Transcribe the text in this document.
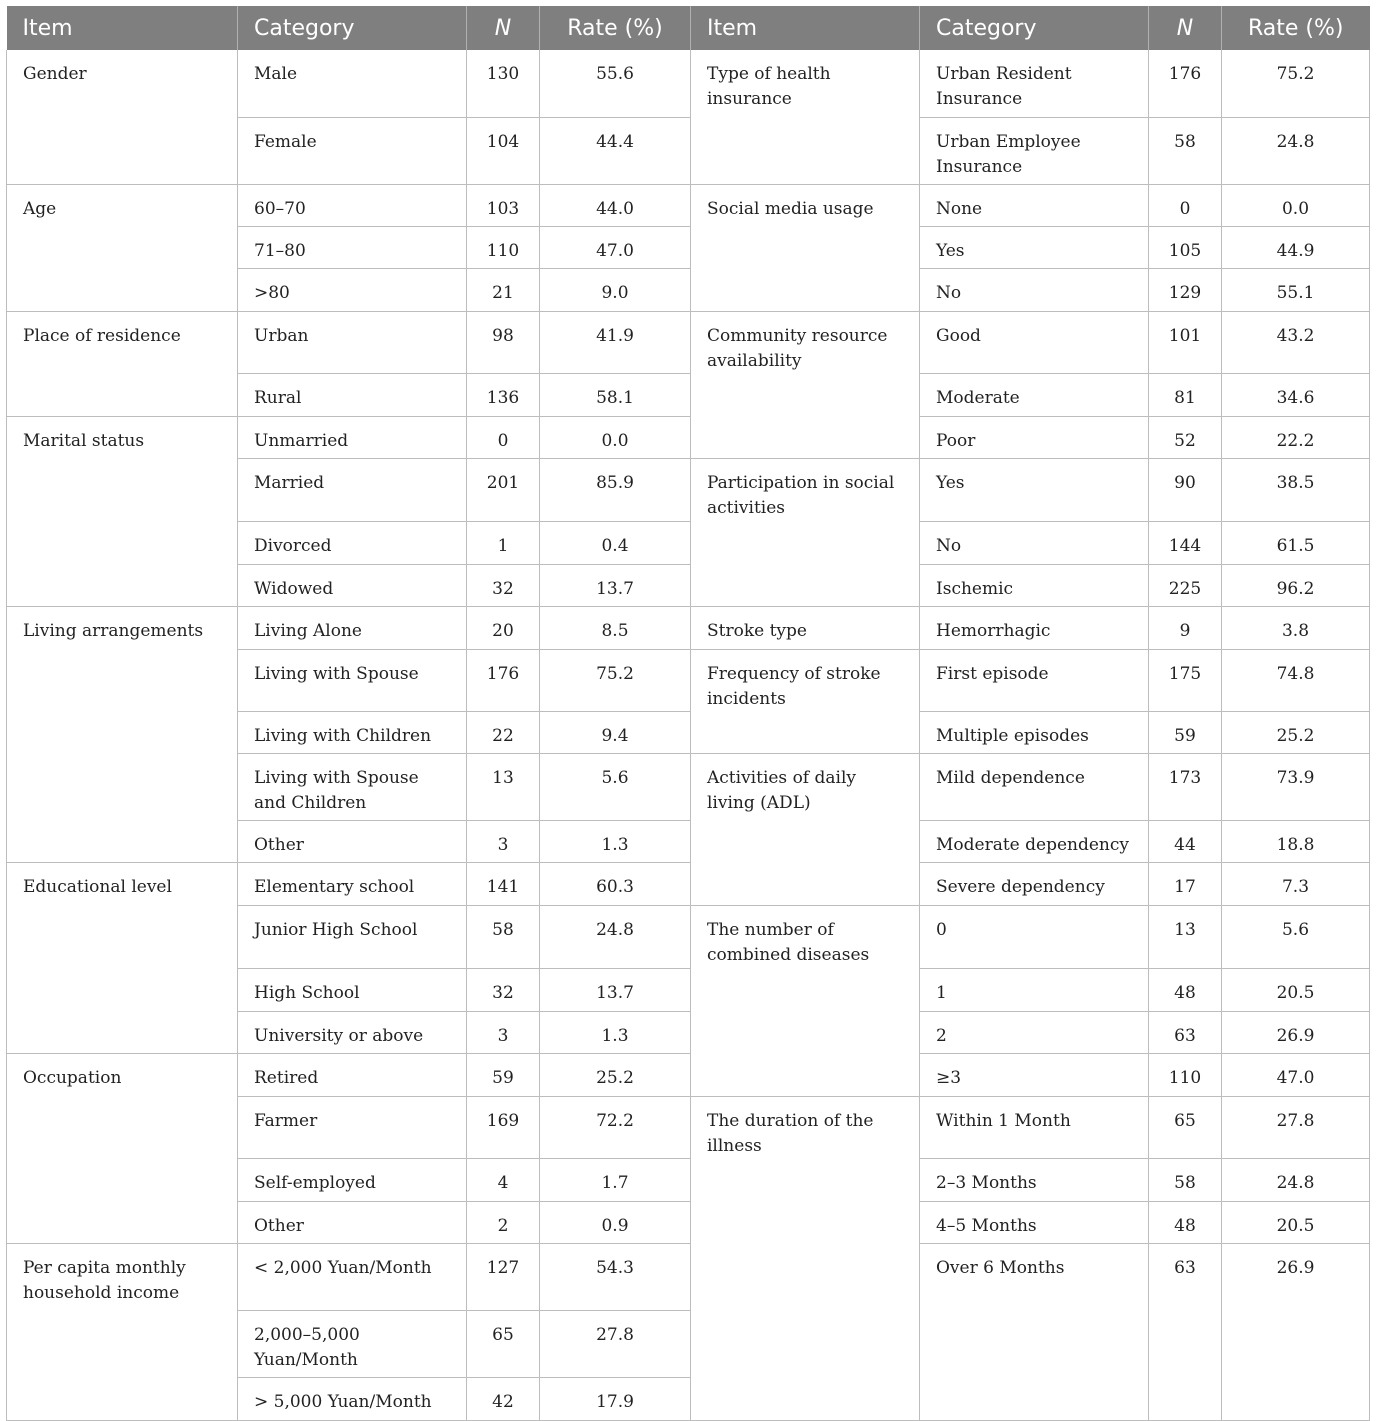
Item	Category	N	Rate (%)	Item	Category	N	Rate (%)
Gender	Male	130	55.6	Type of health insurance	Urban Resident Insurance	176	75.2
	Female	104	44.4		Urban Employee Insurance	58	24.8
Age	60–70	103	44.0	Social media usage	None	0	0.0
	71–80	110	47.0		Yes	105	44.9
	>80	21	9.0		No	129	55.1
Place of residence	Urban	98	41.9	Community resource availability	Good	101	43.2
	Rural	136	58.1		Moderate	81	34.6
Marital status	Unmarried	0	0.0		Poor	52	22.2
	Married	201	85.9	Participation in social activities	Yes	90	38.5
	Divorced	1	0.4		No	144	61.5
	Widowed	32	13.7		Ischemic	225	96.2
Living arrangements	Living Alone	20	8.5	Stroke type	Hemorrhagic	9	3.8
	Living with Spouse	176	75.2	Frequency of stroke incidents	First episode	175	74.8
	Living with Children	22	9.4		Multiple episodes	59	25.2
	Living with Spouse and Children	13	5.6	Activities of daily living (ADL)	Mild dependence	173	73.9
	Other	3	1.3		Moderate dependency	44	18.8
Educational level	Elementary school	141	60.3		Severe dependency	17	7.3
	Junior High School	58	24.8	The number of combined diseases	0	13	5.6
	High School	32	13.7		1	48	20.5
	University or above	3	1.3		2	63	26.9
Occupation	Retired	59	25.2		≥3	110	47.0
	Farmer	169	72.2	The duration of the illness	Within 1 Month	65	27.8
	Self-employed	4	1.7		2–3 Months	58	24.8
	Other	2	0.9		4–5 Months	48	20.5
Per capita monthly household income	< 2,000 Yuan/Month	127	54.3		Over 6 Months	63	26.9
	2,000–5,000 Yuan/Month	65	27.8				
	> 5,000 Yuan/Month	42	17.9				
